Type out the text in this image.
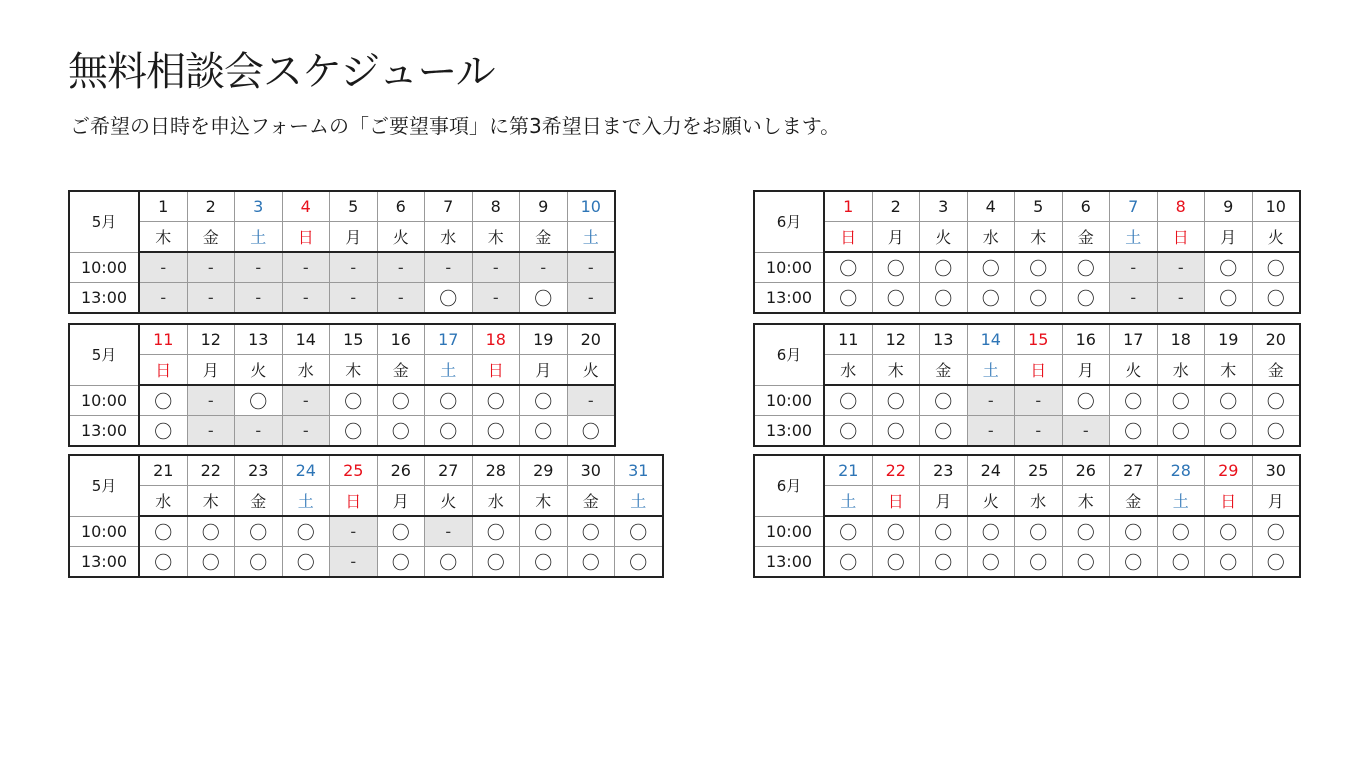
無料相談会スケジュール

ご希望の日時を申込フォームの「ご要望事項」に第3希望日まで入力をお願いします。

5月	1	2	3	4	5	6	7	8	9	10
	木	金	土	日	月	火	水	木	金	土
10:00	-	-	-	-	-	-	-	-	-	-
13:00	-	-	-	-	-	-	〇	-	〇	-
5月	11	12	13	14	15	16	17	18	19	20
	日	月	火	水	木	金	土	日	月	火
10:00	〇	-	〇	-	〇	〇	〇	〇	〇	-
13:00	〇	-	-	-	〇	〇	〇	〇	〇	〇
5月	21	22	23	24	25	26	27	28	29	30	31
	水	木	金	土	日	月	火	水	木	金	土
10:00	〇	〇	〇	〇	-	〇	-	〇	〇	〇	〇
13:00	〇	〇	〇	〇	-	〇	〇	〇	〇	〇	〇
6月	1	2	3	4	5	6	7	8	9	10
	日	月	火	水	木	金	土	日	月	火
10:00	〇	〇	〇	〇	〇	〇	-	-	〇	〇
13:00	〇	〇	〇	〇	〇	〇	-	-	〇	〇
6月	11	12	13	14	15	16	17	18	19	20
	水	木	金	土	日	月	火	水	木	金
10:00	〇	〇	〇	-	-	〇	〇	〇	〇	〇
13:00	〇	〇	〇	-	-	-	〇	〇	〇	〇
6月	21	22	23	24	25	26	27	28	29	30
	土	日	月	火	水	木	金	土	日	月
10:00	〇	〇	〇	〇	〇	〇	〇	〇	〇	〇
13:00	〇	〇	〇	〇	〇	〇	〇	〇	〇	〇
